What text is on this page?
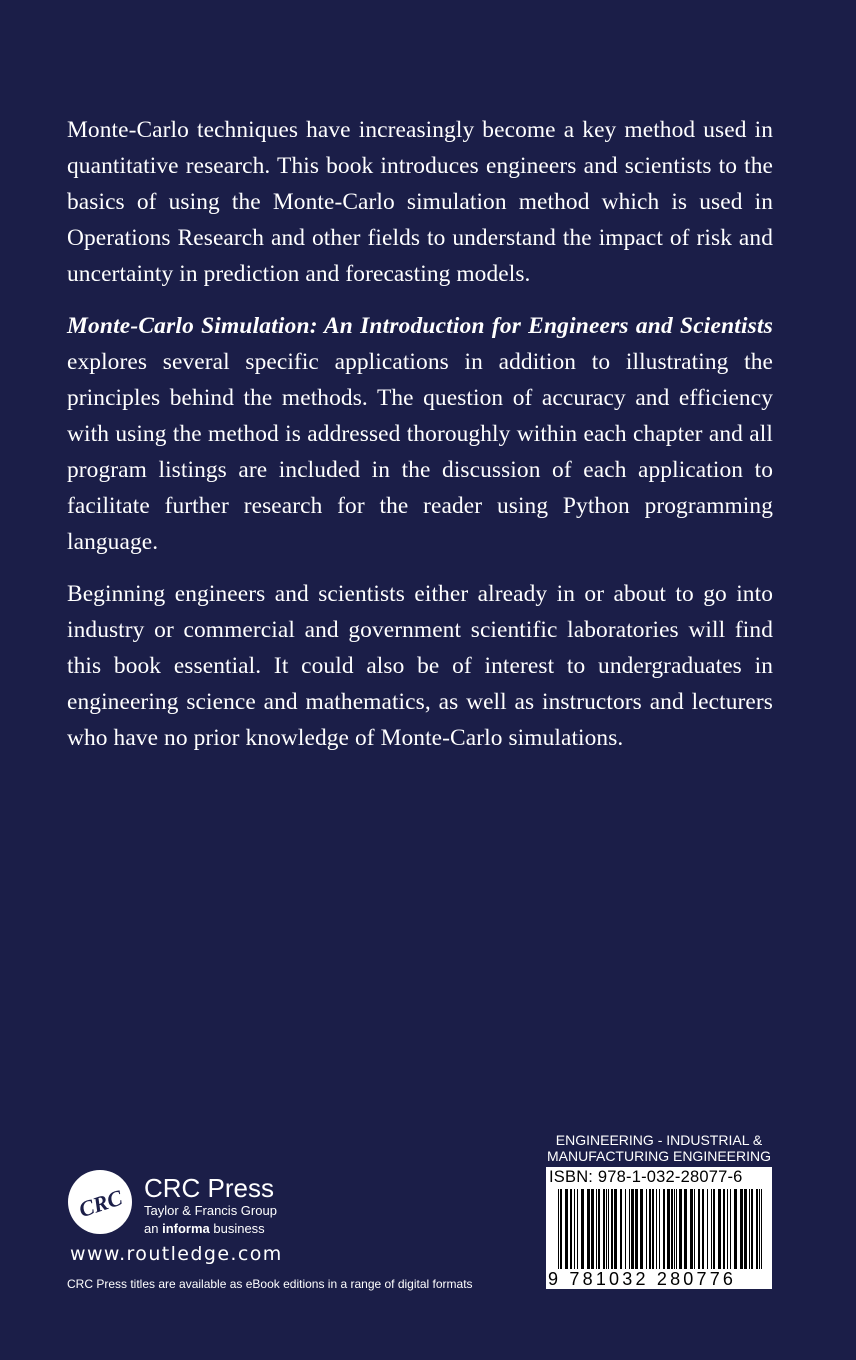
Monte-Carlo techniques have increasingly become a key method used in quantitative research. This book introduces engineers and scientists to the basics of using the Monte-Carlo simulation method which is used in Operations Research and other fields to understand the impact of risk and uncertainty in prediction and forecasting models.

Monte-Carlo Simulation: An Introduction for Engineers and Scientists explores several specific applications in addition to illustrating the principles behind the methods. The question of accuracy and efficiency with using the method is addressed thoroughly within each chapter and all program listings are included in the discussion of each application to facilitate further research for the reader using Python programming language.

Beginning engineers and scientists either already in or about to go into industry or commercial and government scientific laboratories will find this book essential. It could also be of interest to undergraduates in engineering science and mathematics, as well as instructors and lecturers who have no prior knowledge of Monte-Carlo simulations.

CRC CRC Press
Taylor & Francis Group
an informa business
www.routledge.com
CRC Press titles are available as eBook editions in a range of digital formats
ENGINEERING - INDUSTRIAL &
MANUFACTURING ENGINEERING
ISBN: 978-1-032-28077-6
9 781032 280776
